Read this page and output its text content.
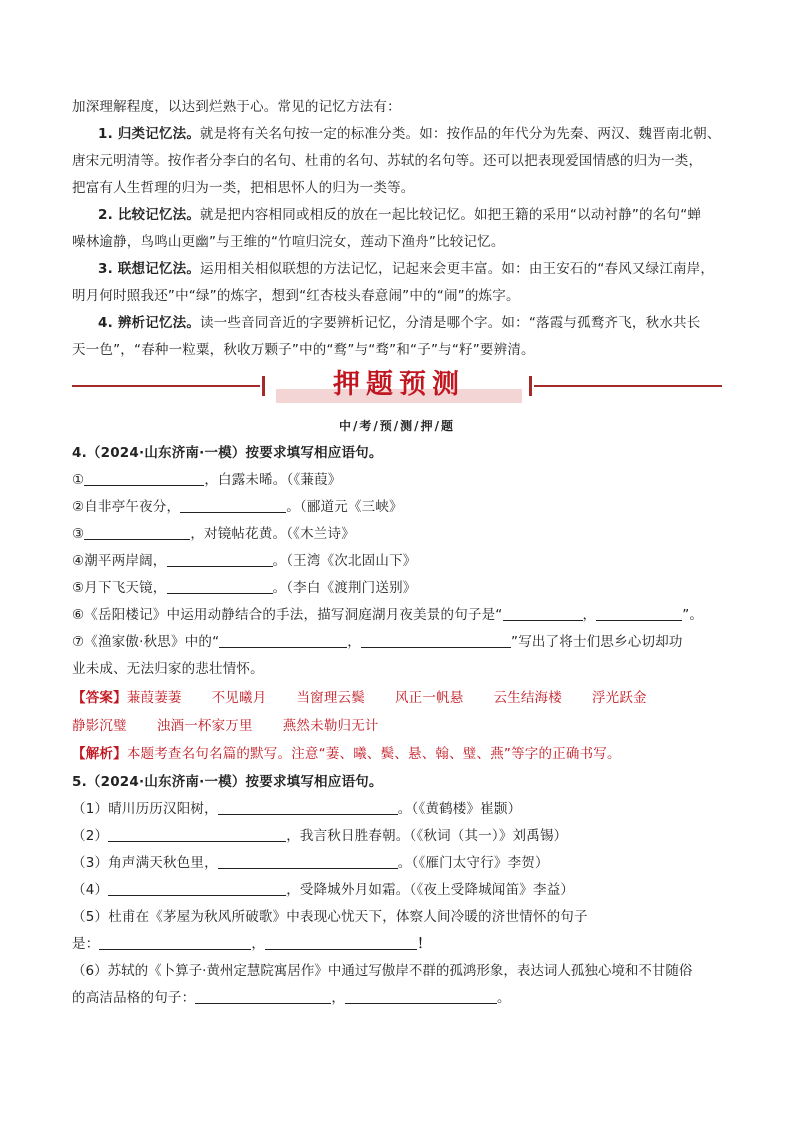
加深理解程度，以达到烂熟于心。常见的记忆方法有：
1. 归类记忆法。就是将有关名句按一定的标准分类。如：按作品的年代分为先秦、两汉、魏晋南北朝、
唐宋元明清等。按作者分李白的名句、杜甫的名句、苏轼的名句等。还可以把表现爱国情感的归为一类，
把富有人生哲理的归为一类，把相思怀人的归为一类等。
2. 比较记忆法。就是把内容相同或相反的放在一起比较记忆。如把王籍的采用“以动衬静”的名句“蝉
噪林逾静，鸟鸣山更幽”与王维的“竹喧归浣女，莲动下渔舟”比较记忆。
3. 联想记忆法。运用相关相似联想的方法记忆，记起来会更丰富。如：由王安石的“春风又绿江南岸，
明月何时照我还”中“绿”的炼字，想到“红杏枝头春意闹”中的“闹”的炼字。
4. 辨析记忆法。读一些音同音近的字要辨析记忆，分清是哪个字。如：“落霞与孤鹜齐飞，秋水共长
天一色”，“春种一粒粟，秋收万颗子”中的“鹜”与“骛”和“子”与“籽”要辨清。
押题预测
中/考/预/测/押/题
4.（2024·山东济南·一模）按要求填写相应语句。
①	，白露未晞。（《蒹葭》
②自非亭午夜分，	。（郦道元《三峡》
③	，对镜帖花黄。（《木兰诗》
④潮平两岸阔，	。（王湾《次北固山下》
⑤月下飞天镜，	。（李白《渡荆门送别》
⑥《岳阳楼记》中运用动静结合的手法，描写洞庭湖月夜美景的句子是“	，	”。
⑦《渔家傲·秋思》中的“	，	”写出了将士们思乡心切却功
业未成、无法归家的悲壮情怀。
【答案】蒹葭萋萋 不见曦月 当窗理云鬓 风正一帆悬 云生结海楼 浮光跃金
静影沉璧 浊酒一杯家万里 燕然未勒归无计
【解析】本题考查名句名篇的默写。注意“萋、曦、鬓、悬、翰、璧、燕”等字的正确书写。
5.（2024·山东济南·一模）按要求填写相应语句。
（1）晴川历历汉阳树，	。（《黄鹤楼》崔颢）
（2）	，我言秋日胜春朝。（《秋词（其一）》刘禹锡）
（3）角声满天秋色里，	。（《雁门太守行》李贺）
（4）	，受降城外月如霜。（《夜上受降城闻笛》李益）
（5）杜甫在《茅屋为秋风所破歌》中表现心忧天下，体察人间冷暖的济世情怀的句子
是：	，	！
（6）苏轼的《卜算子·黄州定慧院寓居作》中通过写傲岸不群的孤鸿形象，表达词人孤独心境和不甘随俗
的高洁品格的句子：	，	。
